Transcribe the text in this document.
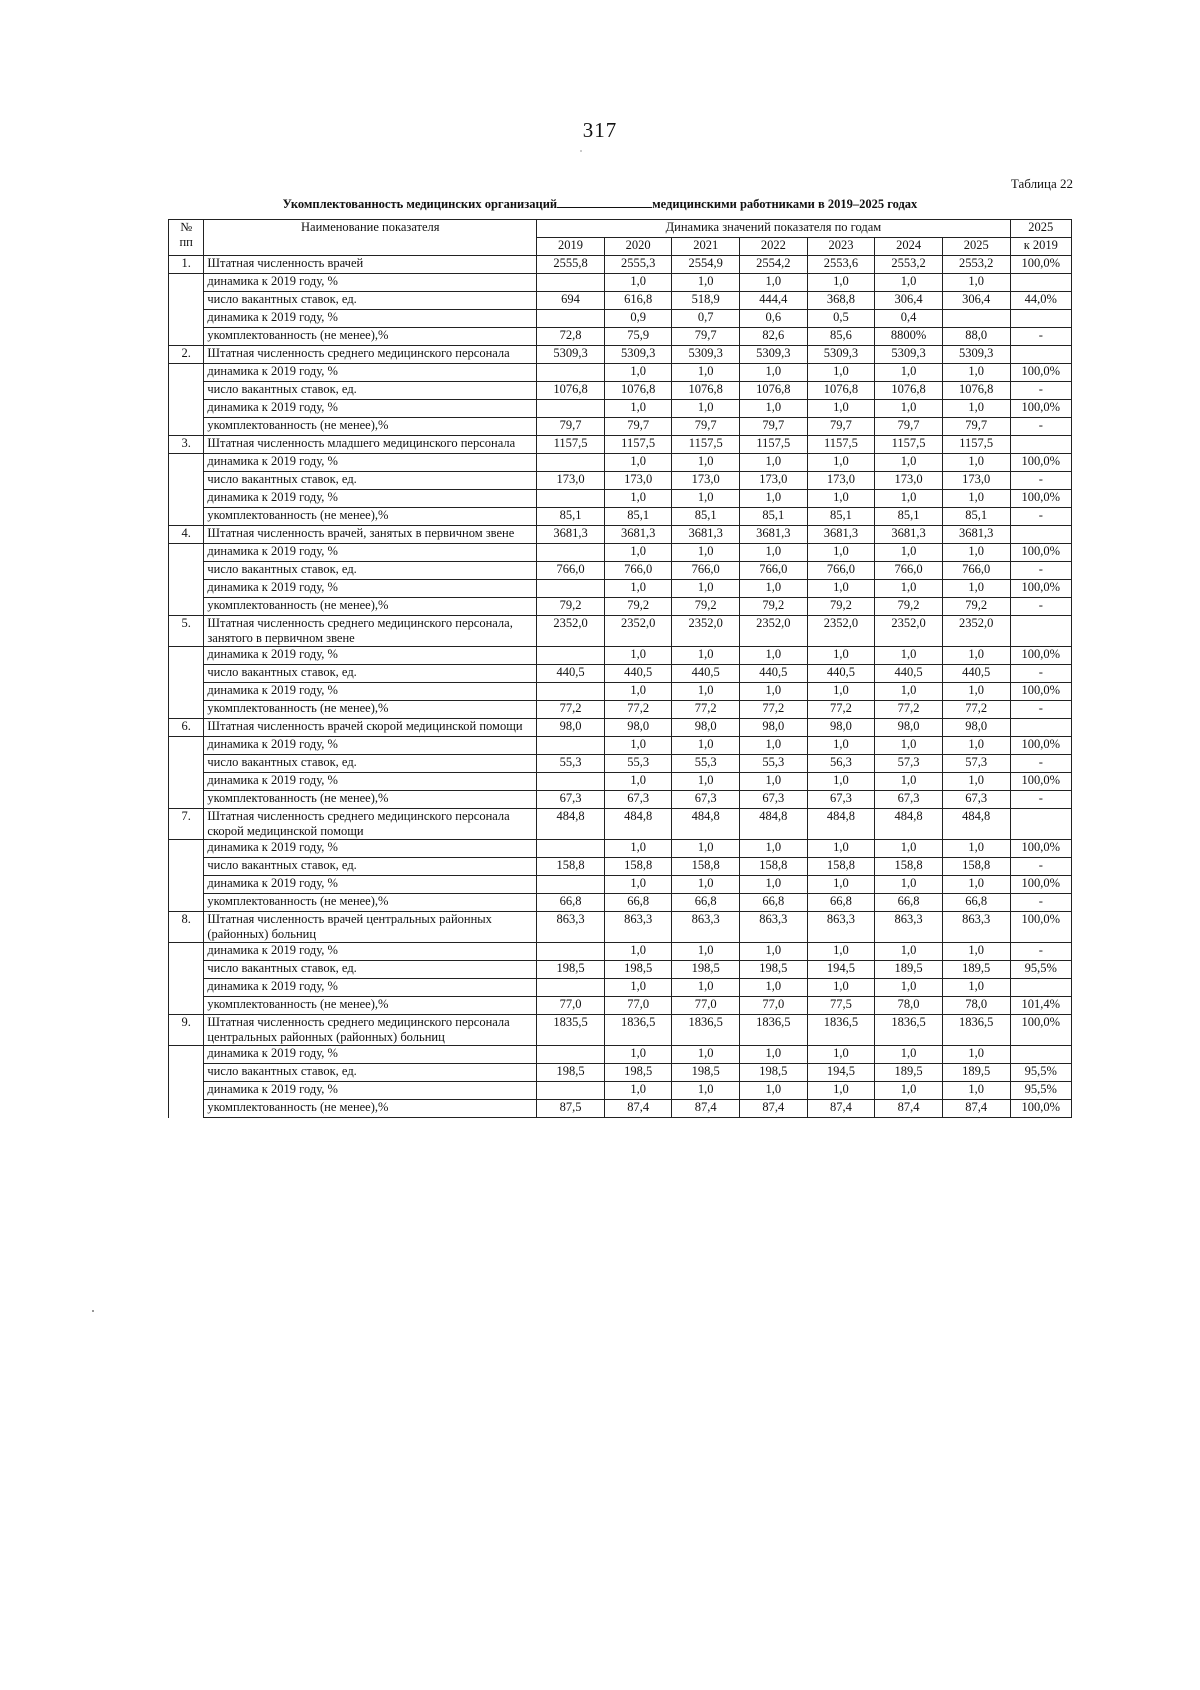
317
Таблица 22
Укомплектованность медицинских организаций	медицинскими работниками в 2019–2025 годах
№ пп	Наименование показателя	Динамика значений показателя по годам							2025
		2019	2020	2021	2022	2023	2024	2025	к 2019
1.	Штатная численность врачей	2555,8	2555,3	2554,9	2554,2	2553,6	2553,2	2553,2	100,0%
	динамика к 2019 году, %		1,0	1,0	1,0	1,0	1,0	1,0	
	число вакантных ставок, ед.	694	616,8	518,9	444,4	368,8	306,4	306,4	44,0%
	динамика к 2019 году, %		0,9	0,7	0,6	0,5	0,4		
	укомплектованность (не менее),%	72,8	75,9	79,7	82,6	85,6	8800%	88,0	-
2.	Штатная численность среднего медицинского персонала	5309,3	5309,3	5309,3	5309,3	5309,3	5309,3	5309,3	
	динамика к 2019 году, %		1,0	1,0	1,0	1,0	1,0	1,0	100,0%
	число вакантных ставок, ед.	1076,8	1076,8	1076,8	1076,8	1076,8	1076,8	1076,8	-
	динамика к 2019 году, %		1,0	1,0	1,0	1,0	1,0	1,0	100,0%
	укомплектованность (не менее),%	79,7	79,7	79,7	79,7	79,7	79,7	79,7	-
3.	Штатная численность младшего медицинского персонала	1157,5	1157,5	1157,5	1157,5	1157,5	1157,5	1157,5	
	динамика к 2019 году, %		1,0	1,0	1,0	1,0	1,0	1,0	100,0%
	число вакантных ставок, ед.	173,0	173,0	173,0	173,0	173,0	173,0	173,0	-
	динамика к 2019 году, %		1,0	1,0	1,0	1,0	1,0	1,0	100,0%
	укомплектованность (не менее),%	85,1	85,1	85,1	85,1	85,1	85,1	85,1	-
4.	Штатная численность врачей, занятых в первичном звене	3681,3	3681,3	3681,3	3681,3	3681,3	3681,3	3681,3	
	динамика к 2019 году, %		1,0	1,0	1,0	1,0	1,0	1,0	100,0%
	число вакантных ставок, ед.	766,0	766,0	766,0	766,0	766,0	766,0	766,0	-
	динамика к 2019 году, %		1,0	1,0	1,0	1,0	1,0	1,0	100,0%
	укомплектованность (не менее),%	79,2	79,2	79,2	79,2	79,2	79,2	79,2	-
5.	Штатная численность среднего медицинского персонала, занятого в первичном звене	2352,0	2352,0	2352,0	2352,0	2352,0	2352,0	2352,0	
	динамика к 2019 году, %		1,0	1,0	1,0	1,0	1,0	1,0	100,0%
	число вакантных ставок, ед.	440,5	440,5	440,5	440,5	440,5	440,5	440,5	-
	динамика к 2019 году, %		1,0	1,0	1,0	1,0	1,0	1,0	100,0%
	укомплектованность (не менее),%	77,2	77,2	77,2	77,2	77,2	77,2	77,2	-
6.	Штатная численность врачей скорой медицинской помощи	98,0	98,0	98,0	98,0	98,0	98,0	98,0	
	динамика к 2019 году, %		1,0	1,0	1,0	1,0	1,0	1,0	100,0%
	число вакантных ставок, ед.	55,3	55,3	55,3	55,3	56,3	57,3	57,3	-
	динамика к 2019 году, %		1,0	1,0	1,0	1,0	1,0	1,0	100,0%
	укомплектованность (не менее),%	67,3	67,3	67,3	67,3	67,3	67,3	67,3	-
7.	Штатная численность среднего медицинского персонала скорой медицинской помощи	484,8	484,8	484,8	484,8	484,8	484,8	484,8	
	динамика к 2019 году, %		1,0	1,0	1,0	1,0	1,0	1,0	100,0%
	число вакантных ставок, ед.	158,8	158,8	158,8	158,8	158,8	158,8	158,8	-
	динамика к 2019 году, %		1,0	1,0	1,0	1,0	1,0	1,0	100,0%
	укомплектованность (не менее),%	66,8	66,8	66,8	66,8	66,8	66,8	66,8	-
8.	Штатная численность врачей центральных районных (районных) больниц	863,3	863,3	863,3	863,3	863,3	863,3	863,3	100,0%
	динамика к 2019 году, %		1,0	1,0	1,0	1,0	1,0	1,0	-
	число вакантных ставок, ед.	198,5	198,5	198,5	198,5	194,5	189,5	189,5	95,5%
	динамика к 2019 году, %		1,0	1,0	1,0	1,0	1,0	1,0	
	укомплектованность (не менее),%	77,0	77,0	77,0	77,0	77,5	78,0	78,0	101,4%
9.	Штатная численность среднего медицинского персонала центральных районных (районных) больниц	1835,5	1836,5	1836,5	1836,5	1836,5	1836,5	1836,5	100,0%
	динамика к 2019 году, %		1,0	1,0	1,0	1,0	1,0	1,0	
	число вакантных ставок, ед.	198,5	198,5	198,5	198,5	194,5	189,5	189,5	95,5%
	динамика к 2019 году, %		1,0	1,0	1,0	1,0	1,0	1,0	95,5%
	укомплектованность (не менее),%	87,5	87,4	87,4	87,4	87,4	87,4	87,4	100,0%
